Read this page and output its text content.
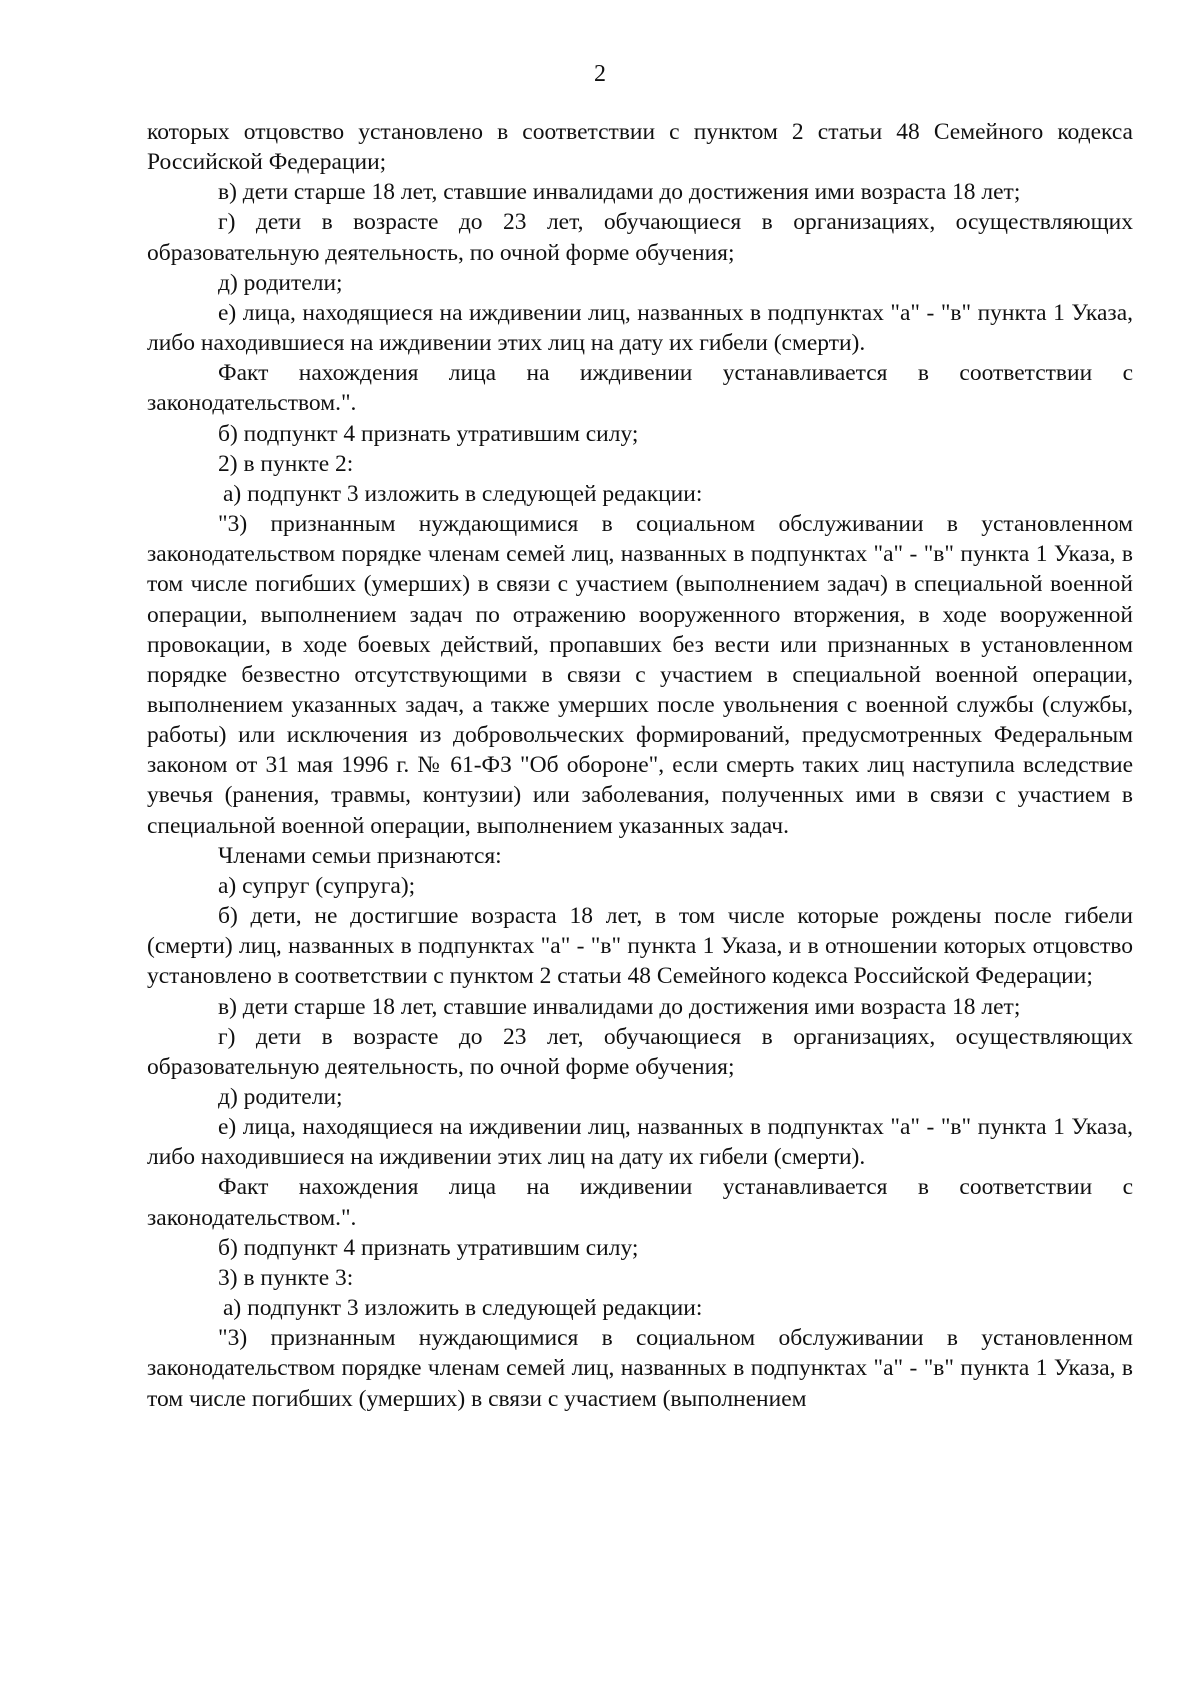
2

которых отцовство установлено в соответствии с пунктом 2 статьи 48 Семейного кодекса Российской Федерации;

в) дети старше 18 лет, ставшие инвалидами до достижения ими возраста 18 лет;

г) дети в возрасте до 23 лет, обучающиеся в организациях, осуществляющих образовательную деятельность, по очной форме обучения;

д) родители;

е) лица, находящиеся на иждивении лиц, названных в подпунктах "а" - "в" пункта 1 Указа, либо находившиеся на иждивении этих лиц на дату их гибели (смерти).

Факт нахождения лица на иждивении устанавливается в соответствии с законодательством.".

б) подпункт 4 признать утратившим силу;

2) в пункте 2:

а) подпункт 3 изложить в следующей редакции:

"3) признанным нуждающимися в социальном обслуживании в установленном законодательством порядке членам семей лиц, названных в подпунктах "а" - "в" пункта 1 Указа, в том числе погибших (умерших) в связи с участием (выполнением задач) в специальной военной операции, выполнением задач по отражению вооруженного вторжения, в ходе вооруженной провокации, в ходе боевых действий, пропавших без вести или признанных в установленном порядке безвестно отсутствующими в связи с участием в специальной военной операции, выполнением указанных задач, а также умерших после увольнения с военной службы (службы, работы) или исключения из добровольческих формирований, предусмотренных Федеральным законом от 31 мая 1996 г. № 61-ФЗ "Об обороне", если смерть таких лиц наступила вследствие увечья (ранения, травмы, контузии) или заболевания, полученных ими в связи с участием в специальной военной операции, выполнением указанных задач.

Членами семьи признаются:

а) супруг (супруга);

б) дети, не достигшие возраста 18 лет, в том числе которые рождены после гибели (смерти) лиц, названных в подпунктах "а" - "в" пункта 1 Указа, и в отношении которых отцовство установлено в соответствии с пунктом 2 статьи 48 Семейного кодекса Российской Федерации;

в) дети старше 18 лет, ставшие инвалидами до достижения ими возраста 18 лет;

г) дети в возрасте до 23 лет, обучающиеся в организациях, осуществляющих образовательную деятельность, по очной форме обучения;

д) родители;

е) лица, находящиеся на иждивении лиц, названных в подпунктах "а" - "в" пункта 1 Указа, либо находившиеся на иждивении этих лиц на дату их гибели (смерти).

Факт нахождения лица на иждивении устанавливается в соответствии с законодательством.".

б) подпункт 4 признать утратившим силу;

3) в пункте 3:

а) подпункт 3 изложить в следующей редакции:

"3) признанным нуждающимися в социальном обслуживании в установленном законодательством порядке членам семей лиц, названных в подпунктах "а" - "в" пункта 1 Указа, в том числе погибших (умерших) в связи с участием (выполнением
